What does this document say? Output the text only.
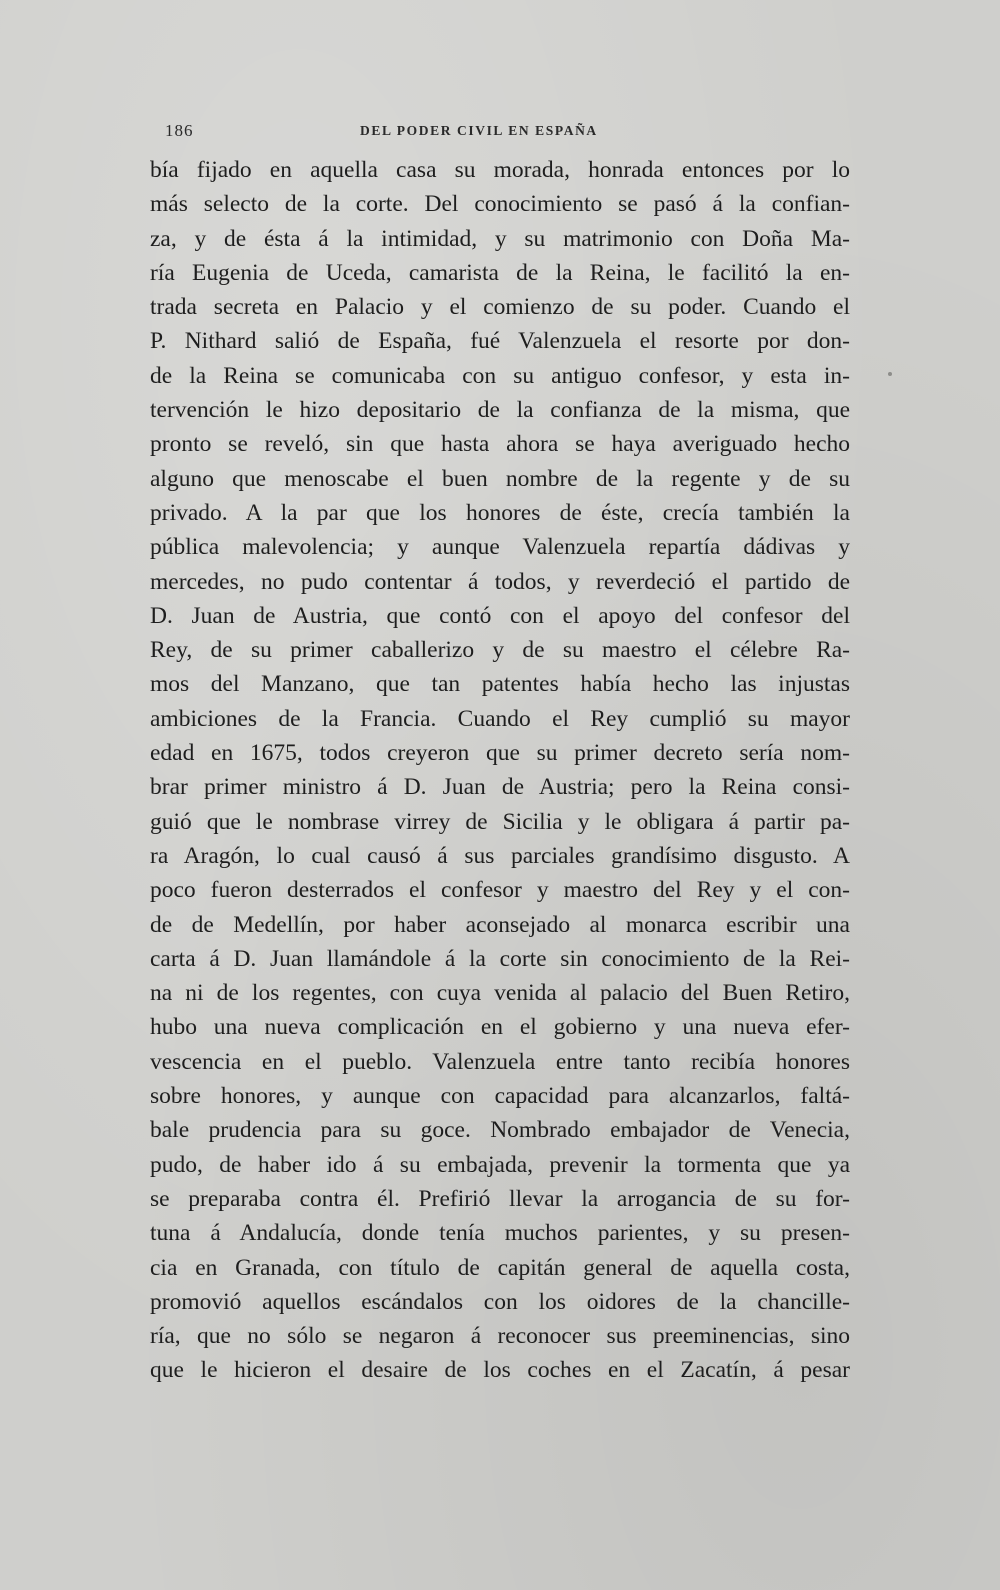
186	DEL PODER CIVIL EN ESPAÑA
bía fijado en aquella casa su morada, honrada entonces por lo
más selecto de la corte. Del conocimiento se pasó á la confian-
za, y de ésta á la intimidad, y su matrimonio con Doña Ma-
ría Eugenia de Uceda, camarista de la Reina, le facilitó la en-
trada secreta en Palacio y el comienzo de su poder. Cuando el
P. Nithard salió de España, fué Valenzuela el resorte por don-
de la Reina se comunicaba con su antiguo confesor, y esta in-
tervención le hizo depositario de la confianza de la misma, que
pronto se reveló, sin que hasta ahora se haya averiguado hecho
alguno que menoscabe el buen nombre de la regente y de su
privado. A la par que los honores de éste, crecía también la
pública malevolencia; y aunque Valenzuela repartía dádivas y
mercedes, no pudo contentar á todos, y reverdeció el partido de
D. Juan de Austria, que contó con el apoyo del confesor del
Rey, de su primer caballerizo y de su maestro el célebre Ra-
mos del Manzano, que tan patentes había hecho las injustas
ambiciones de la Francia. Cuando el Rey cumplió su mayor
edad en 1675, todos creyeron que su primer decreto sería nom-
brar primer ministro á D. Juan de Austria; pero la Reina consi-
guió que le nombrase virrey de Sicilia y le obligara á partir pa-
ra Aragón, lo cual causó á sus parciales grandísimo disgusto. A
poco fueron desterrados el confesor y maestro del Rey y el con-
de de Medellín, por haber aconsejado al monarca escribir una
carta á D. Juan llamándole á la corte sin conocimiento de la Rei-
na ni de los regentes, con cuya venida al palacio del Buen Retiro,
hubo una nueva complicación en el gobierno y una nueva efer-
vescencia en el pueblo. Valenzuela entre tanto recibía honores
sobre honores, y aunque con capacidad para alcanzarlos, faltá-
bale prudencia para su goce. Nombrado embajador de Venecia,
pudo, de haber ido á su embajada, prevenir la tormenta que ya
se preparaba contra él. Prefirió llevar la arrogancia de su for-
tuna á Andalucía, donde tenía muchos parientes, y su presen-
cia en Granada, con título de capitán general de aquella costa,
promovió aquellos escándalos con los oidores de la chancille-
ría, que no sólo se negaron á reconocer sus preeminencias, sino
que le hicieron el desaire de los coches en el Zacatín, á pesar
